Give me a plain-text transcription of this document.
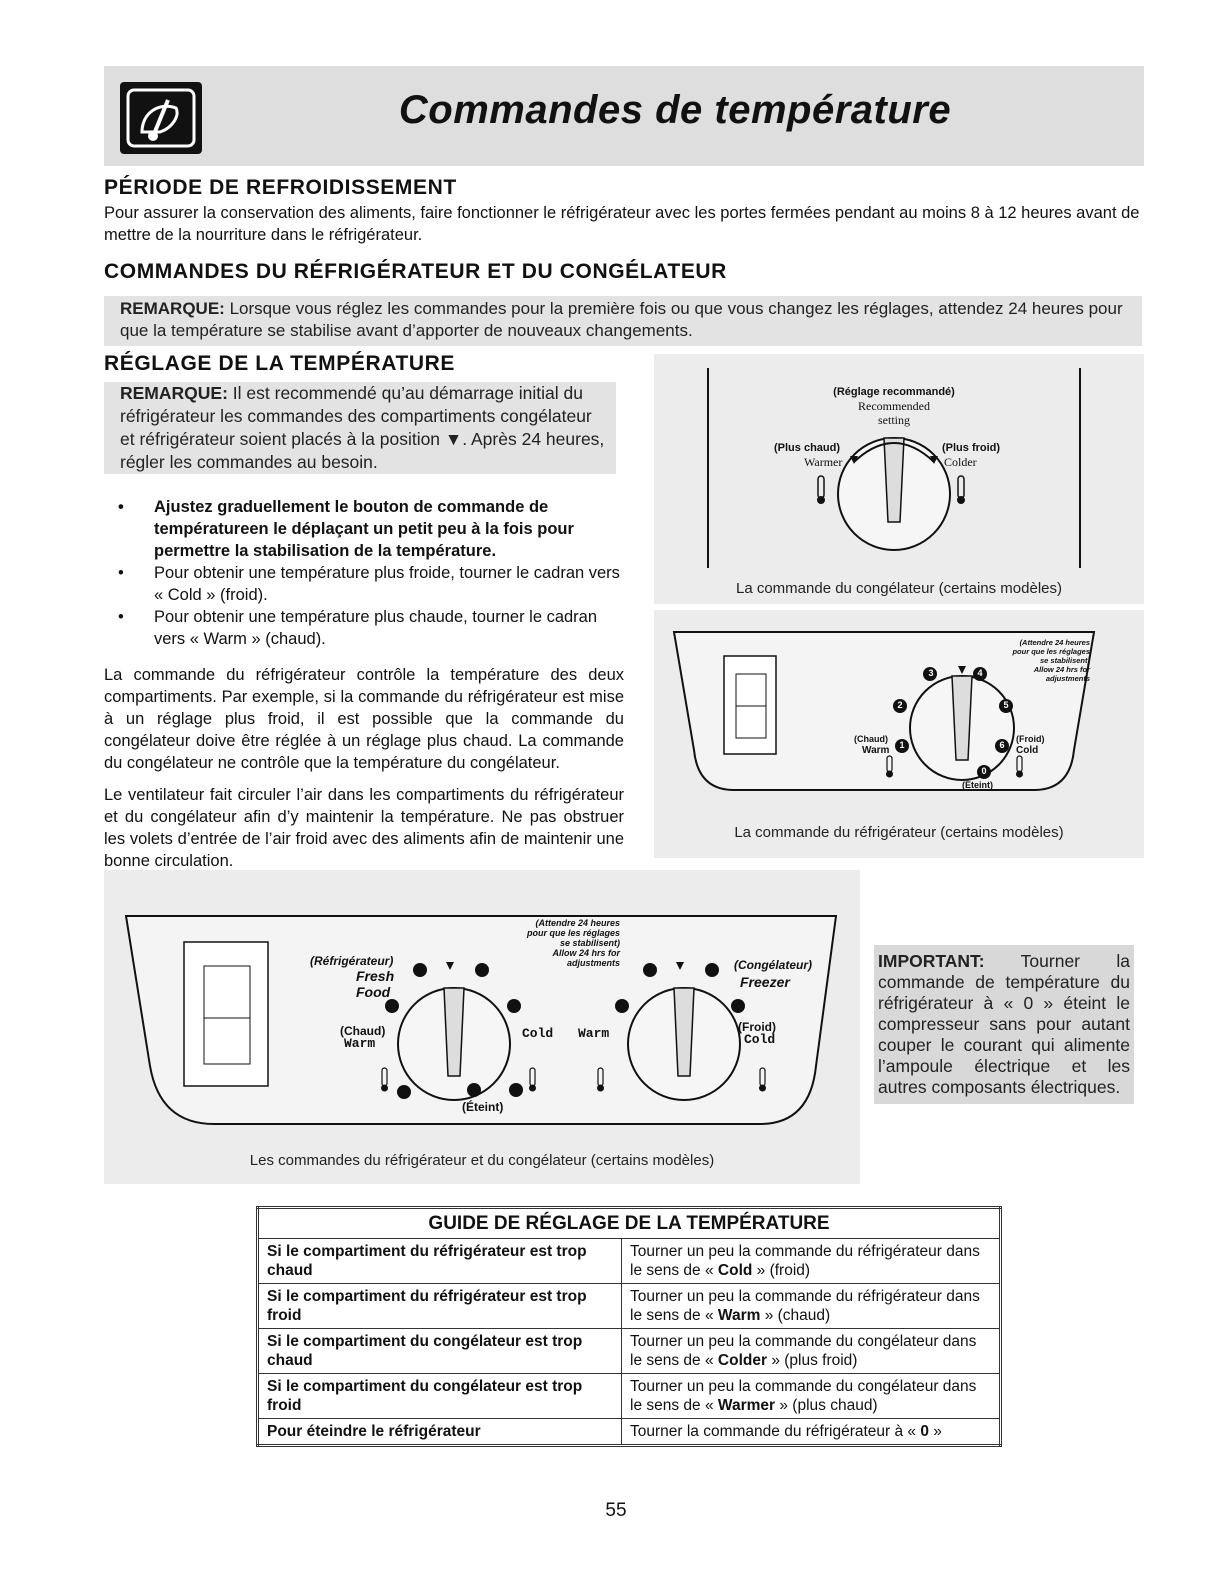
Commandes de température
PÉRIODE DE REFROIDISSEMENT
Pour assurer la conservation des aliments, faire fonctionner le réfrigérateur avec les portes fermées pendant au moins 8 à 12 heures avant de mettre de la nourriture dans le réfrigérateur.
COMMANDES DU RÉFRIGÉRATEUR ET DU CONGÉLATEUR
REMARQUE: Lorsque vous réglez les commandes pour la première fois ou que vous changez les réglages, attendez 24 heures pour que la température se stabilise avant d’apporter de nouveaux changements.
RÉGLAGE DE LA TEMPÉRATURE
REMARQUE: Il est recommendé qu’au démarrage initial du réfrigérateur les commandes des compartiments congélateur et réfrigérateur soient placés à la position ▼. Après 24 heures, régler les commandes au besoin.
• Ajustez graduellement le bouton de commande de températureen le déplaçant un petit peu à la fois pour permettre la stabilisation de la température.
• Pour obtenir une température plus froide, tourner le cadran vers « Cold » (froid).
• Pour obtenir une température plus chaude, tourner le cadran vers « Warm » (chaud).
La commande du réfrigérateur contrôle la température des deux compartiments. Par exemple, si la commande du réfrigérateur est mise à un réglage plus froid, il est possible que la commande du congélateur doive être réglée à un réglage plus chaud. La commande du congélateur ne contrôle que la température du congélateur.
Le ventilateur fait circuler l’air dans les compartiments du réfrigérateur et du congélateur afin d’y maintenir la température. Ne pas obstruer les volets d’entrée de l’air froid avec des aliments afin de maintenir une bonne circulation.
(Réglage recommandé)
Recommended
setting
(Plus chaud)
Warmer
(Plus froid)
Colder
La commande du congélateur (certains modèles)
3	4
2	5
1	6
0
(Attendre 24 heures
pour que les réglages
se stabilisent)
Allow 24 hrs for
adjustments
(Chaud)
Warm
(Froid)
Cold
(Éteint)
La commande du réfrigérateur (certains modèles)
(Réfrigérateur)
Fresh
Food
(Congélateur)
Freezer
(Chaud)
Warm
Cold Warm	(Froid)
Cold
(Éteint)
(Attendre 24 heures
pour que les réglages
se stabilisent)
Allow 24 hrs for
adjustments
Les commandes du réfrigérateur et du congélateur (certains modèles)
IMPORTANT: Tourner la commande de température du réfrigérateur à « 0 » éteint le compresseur sans pour autant couper le courant qui alimente l’ampoule électrique et les autres composants électriques.
GUIDE DE RÉGLAGE DE LA TEMPÉRATURE	
Si le compartiment du réfrigérateur est trop chaud	Tourner un peu la commande du réfrigérateur dans le sens de « Cold » (froid)
Si le compartiment du réfrigérateur est trop froid	Tourner un peu la commande du réfrigérateur dans le sens de « Warm » (chaud)
Si le compartiment du congélateur est trop chaud	Tourner un peu la commande du congélateur dans le sens de « Colder » (plus froid)
Si le compartiment du congélateur est trop froid	Tourner un peu la commande du congélateur dans le sens de « Warmer » (plus chaud)
Pour éteindre le réfrigérateur	Tourner la commande du réfrigérateur à « 0 »
55
